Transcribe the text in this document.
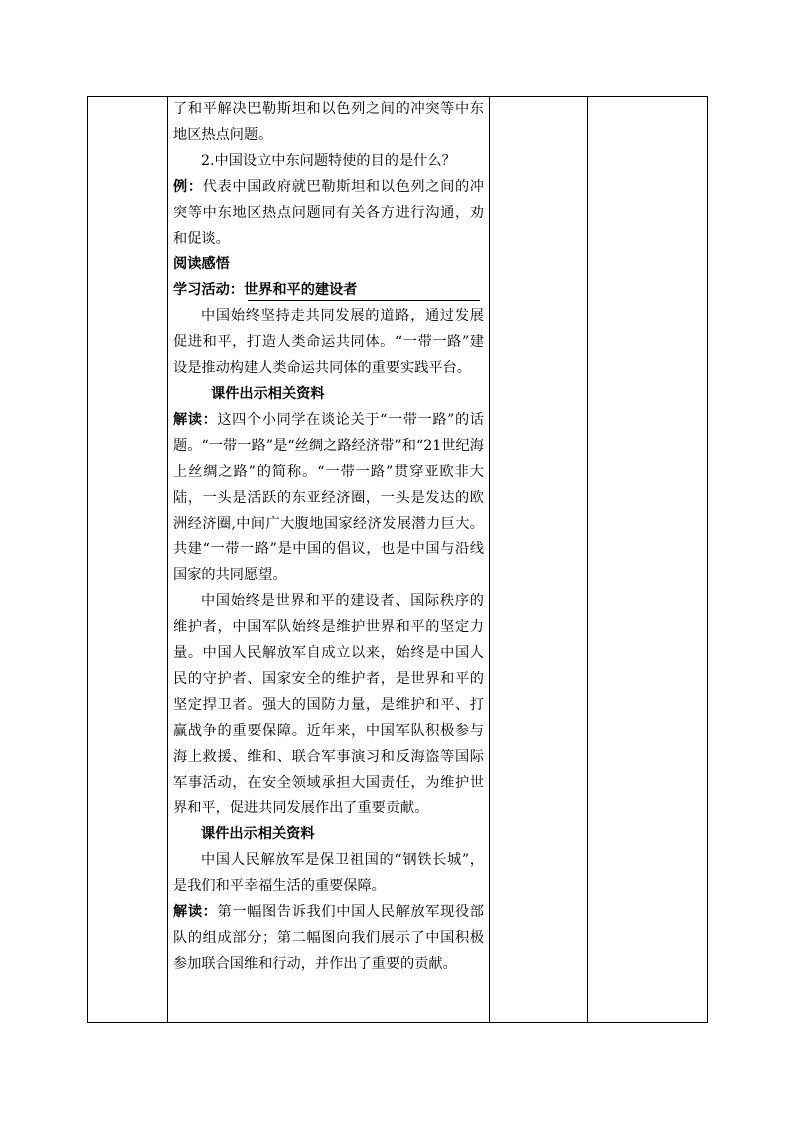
了和平解决巴勒斯坦和以色列之间的冲突等中东地区热点问题。

2.中国设立中东问题特使的目的是什么？

例：代表中国政府就巴勒斯坦和以色列之间的冲突等中东地区热点问题同有关各方进行沟通，劝和促谈。

阅读感悟

学习活动：世界和平的建设者

中国始终坚持走共同发展的道路，通过发展促进和平，打造人类命运共同体。“一带一路”建设是推动构建人类命运共同体的重要实践平台。

课件出示相关资料

解读：这四个小同学在谈论关于“一带一路”的话题。“一带一路”是“丝绸之路经济带”和“21世纪海上丝绸之路”的简称。“一带一路”贯穿亚欧非大陆，一头是活跃的东亚经济圈，一头是发达的欧洲经济圈,中间广大腹地国家经济发展潜力巨大。共建“一带一路”是中国的倡议，也是中国与沿线国家的共同愿望。

中国始终是世界和平的建设者、国际秩序的维护者，中国军队始终是维护世界和平的坚定力量。中国人民解放军自成立以来，始终是中国人民的守护者、国家安全的维护者，是世界和平的坚定捍卫者。强大的国防力量，是维护和平、打赢战争的重要保障。近年来，中国军队积极参与海上救援、维和、联合军事演习和反海盗等国际军事活动，在安全领域承担大国责任，为维护世界和平，促进共同发展作出了重要贡献。

课件出示相关资料

中国人民解放军是保卫祖国的“钢铁长城”，是我们和平幸福生活的重要保障。

解读：第一幅图告诉我们中国人民解放军现役部队的组成部分；第二幅图向我们展示了中国积极参加联合国维和行动，并作出了重要的贡献。
